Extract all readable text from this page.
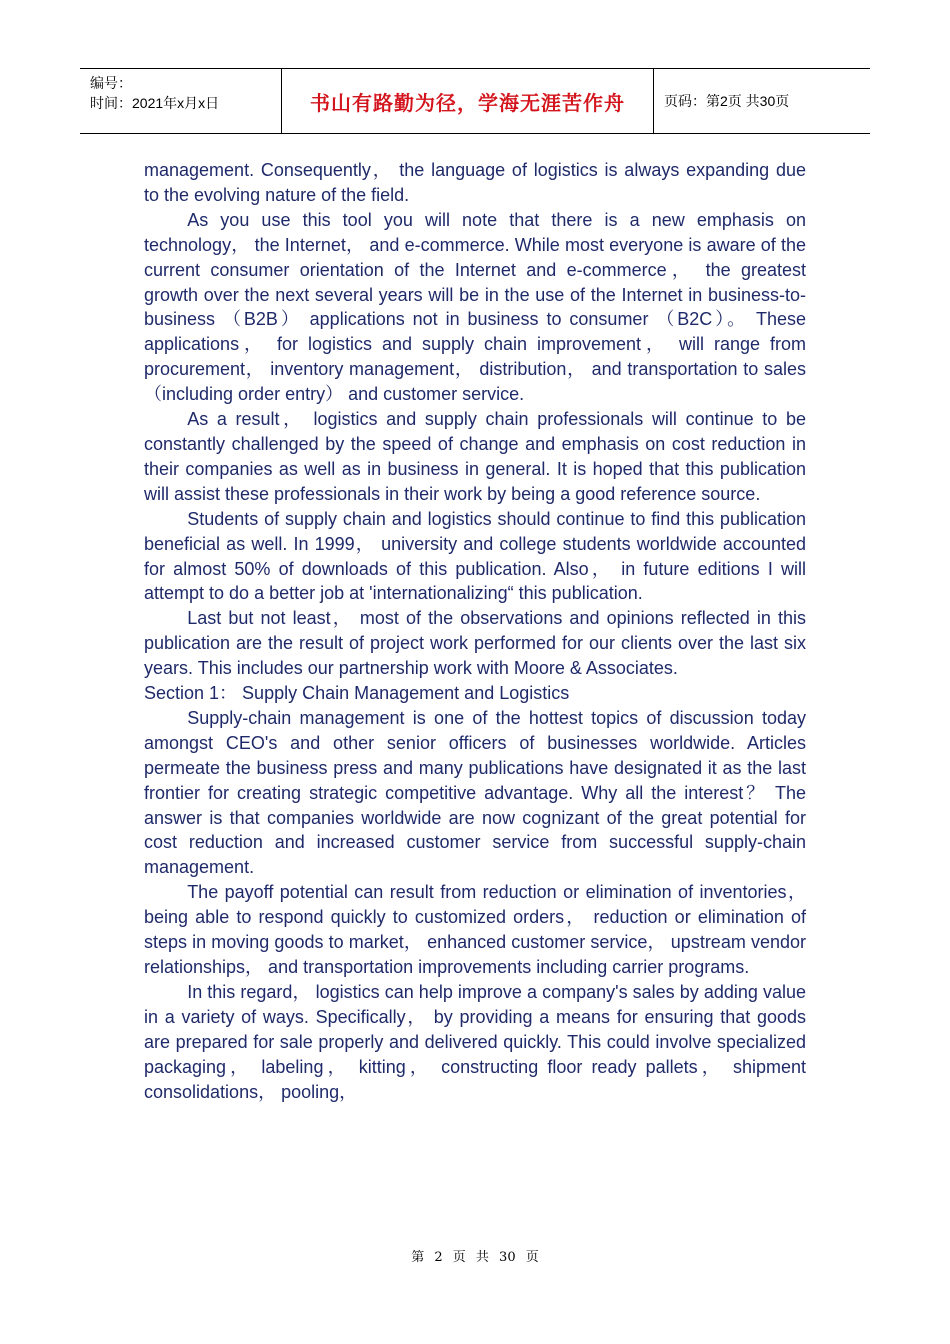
编号：
时间：2021年x月x日	书山有路勤为径，学海无涯苦作舟	页码：第2页 共30页

management. Consequently， the language of logistics is always expanding due to the evolving nature of the field.

As you use this tool you will note that there is a new emphasis on technology， the Internet， and e-commerce. While most everyone is aware of the current consumer orientation of the Internet and e-commerce， the greatest growth over the next several years will be in the use of the Internet in business-to-business （B2B） applications not in business to consumer （B2C）。 These applications， for logistics and supply chain improvement， will range from procurement， inventory management， distribution， and transportation to sales （including order entry） and customer service.

As a result， logistics and supply chain professionals will continue to be constantly challenged by the speed of change and emphasis on cost reduction in their companies as well as in business in general. It is hoped that this publication will assist these professionals in their work by being a good reference source.

Students of supply chain and logistics should continue to find this publication beneficial as well. In 1999， university and college students worldwide accounted for almost 50% of downloads of this publication. Also， in future editions I will attempt to do a better job at 'internationalizing“ this publication.

Last but not least， most of the observations and opinions reflected in this publication are the result of project work performed for our clients over the last six years. This includes our partnership work with Moore & Associates.

Section 1： Supply Chain Management and Logistics

Supply-chain management is one of the hottest topics of discussion today amongst CEO's and other senior officers of businesses worldwide. Articles permeate the business press and many publications have designated it as the last frontier for creating strategic competitive advantage. Why all the interest？ The answer is that companies worldwide are now cognizant of the great potential for cost reduction and increased customer service from successful supply-chain management.

The payoff potential can result from reduction or elimination of inventories， being able to respond quickly to customized orders， reduction or elimination of steps in moving goods to market， enhanced customer service， upstream vendor relationships， and transportation improvements including carrier programs.

In this regard， logistics can help improve a company's sales by adding value in a variety of ways. Specifically， by providing a means for ensuring that goods are prepared for sale properly and delivered quickly. This could involve specialized packaging， labeling， kitting， constructing floor ready pallets， shipment consolidations， pooling，

第 2 页 共 30 页
